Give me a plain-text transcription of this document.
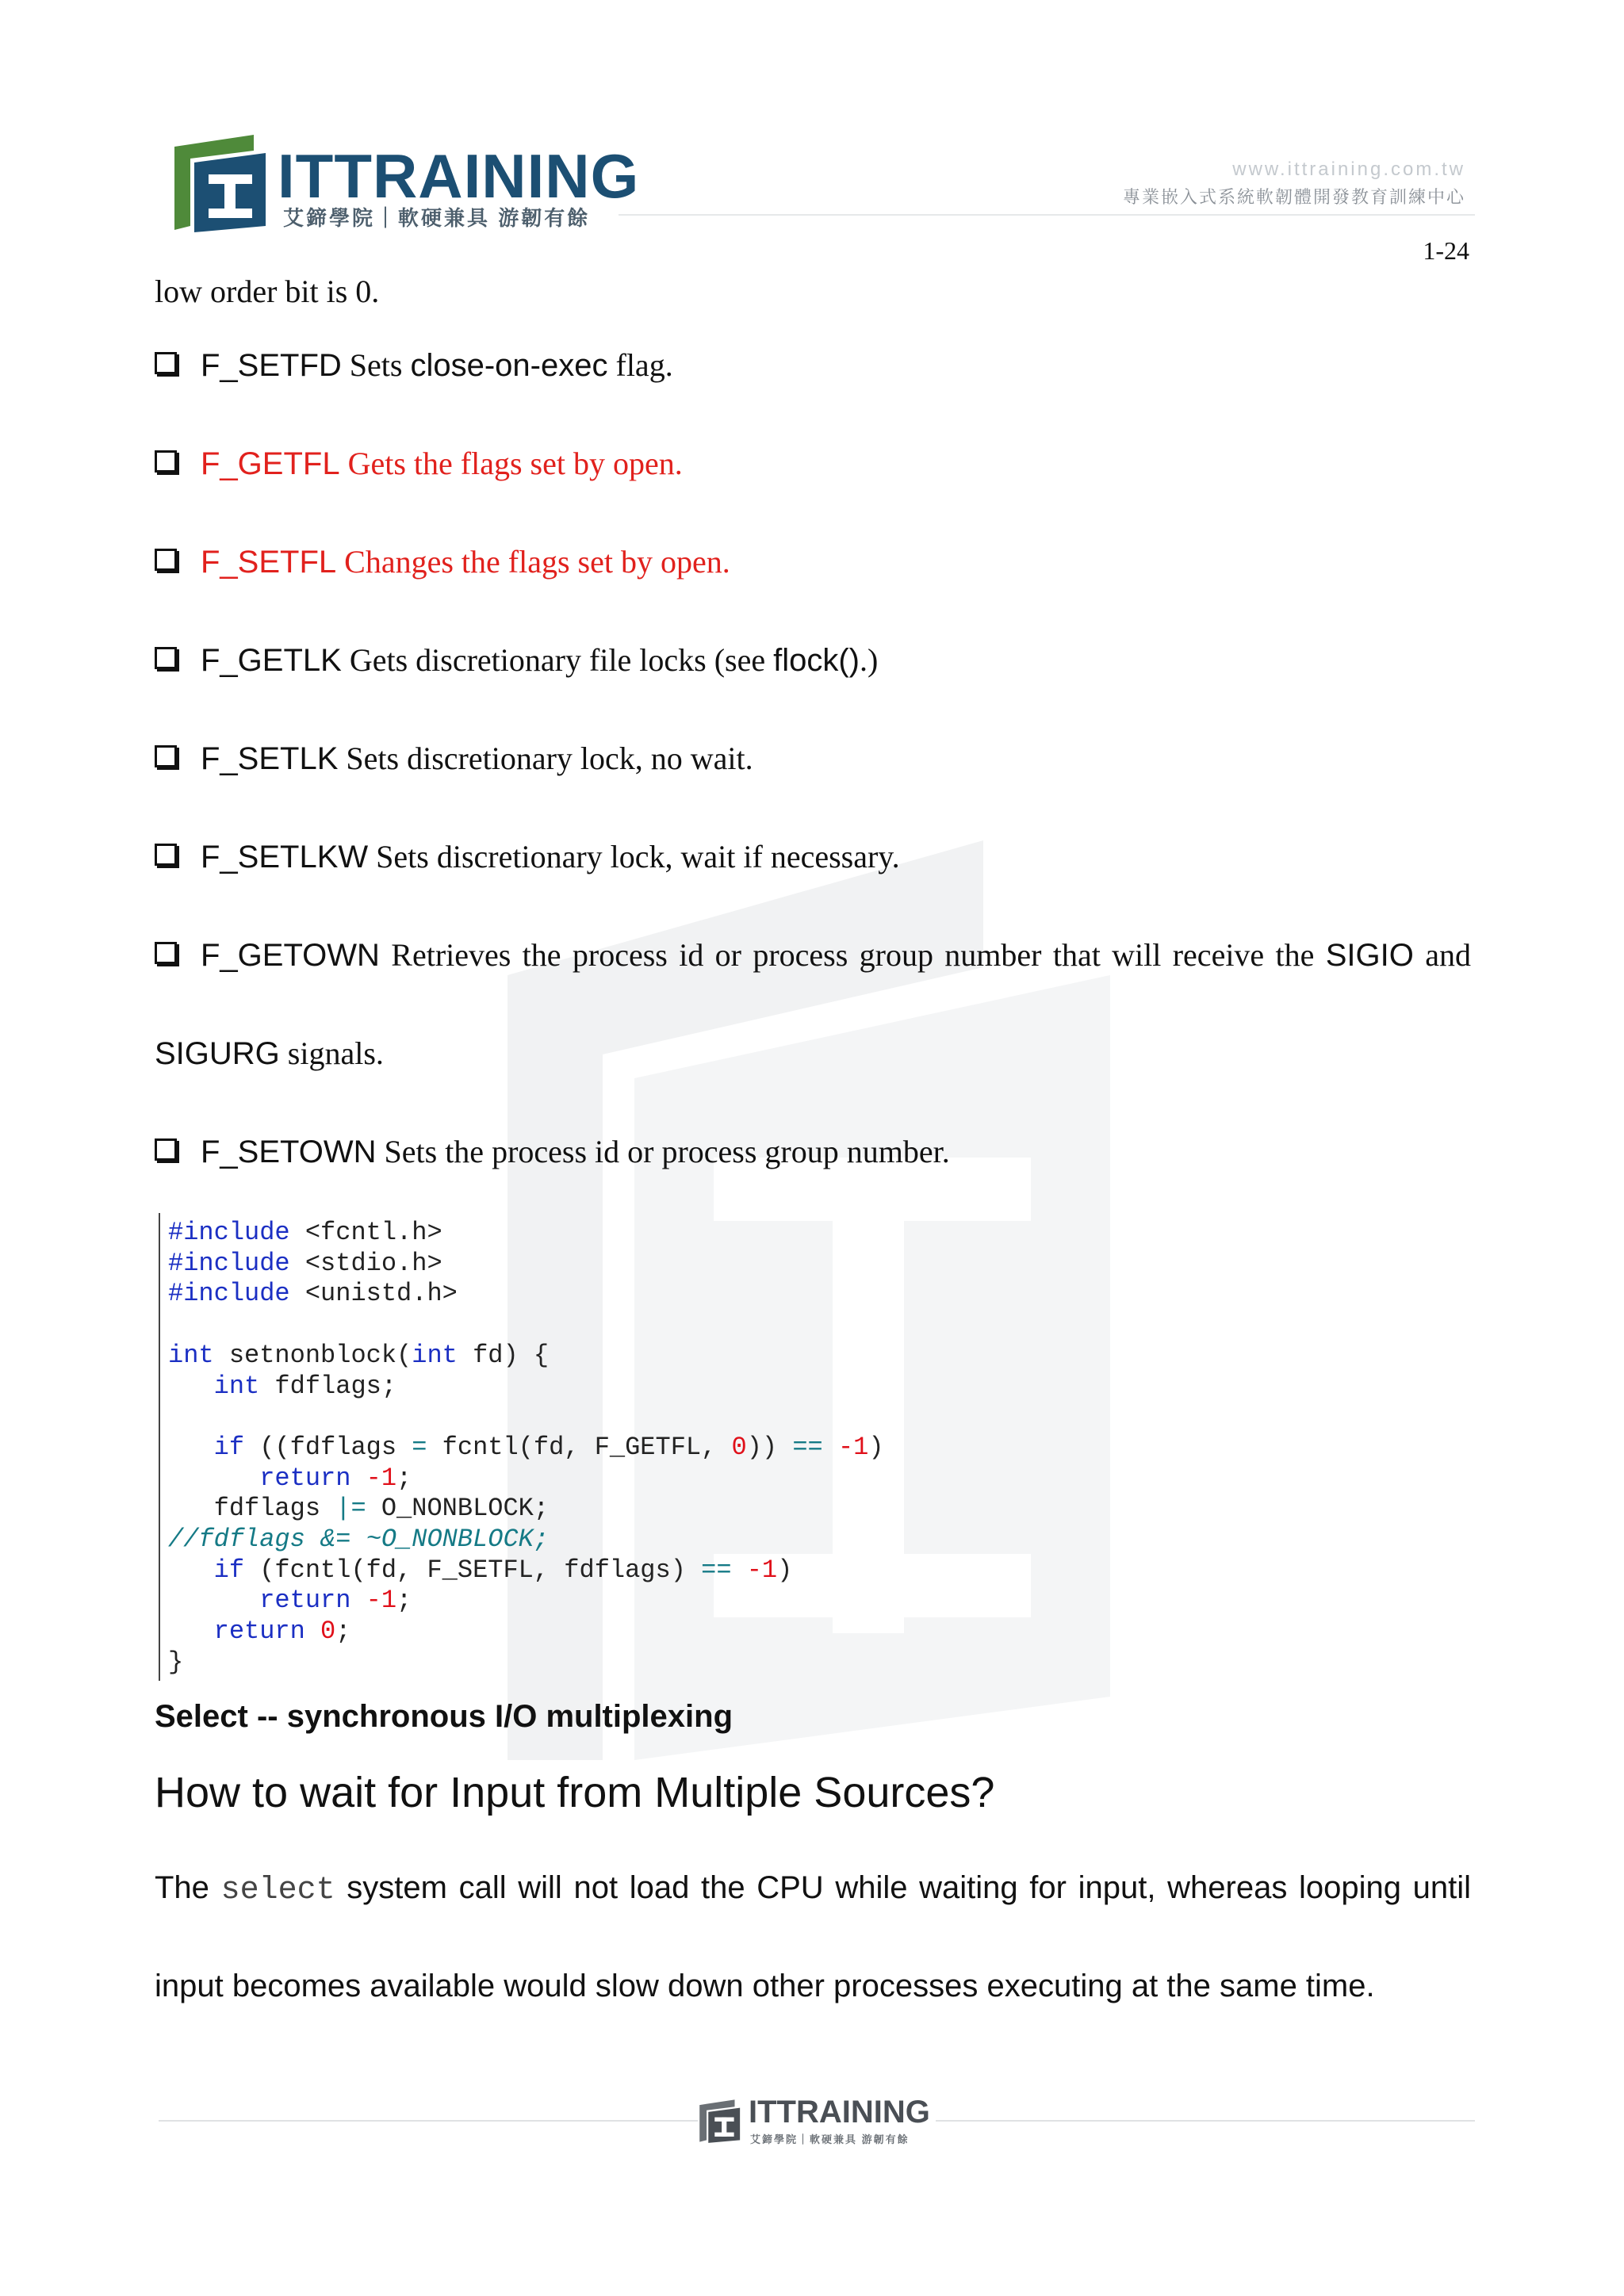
ITTRAINING
艾鍗學院｜軟硬兼具 游韌有餘
www.ittraining.com.tw
專業嵌入式系統軟韌體開發教育訓練中心
1-24
low order bit is 0.
F_SETFD Sets close-on-exec flag.
F_GETFL Gets the flags set by open.
F_SETFL Changes the flags set by open.
F_GETLK Gets discretionary file locks (see flock().)
F_SETLK Sets discretionary lock, no wait.
F_SETLKW Sets discretionary lock, wait if necessary.
F_GETOWN Retrieves the process id or process group number that will receive the SIGIO and
SIGURG signals.
F_SETOWN Sets the process id or process group number.
#include <fcntl.h>
#include <stdio.h>
#include <unistd.h>

int setnonblock(int fd) {
int fdflags;

if ((fdflags = fcntl(fd, F_GETFL, 0)) == -1)
return -1;
fdflags |= O_NONBLOCK;
//fdflags &= ~O_NONBLOCK;
if (fcntl(fd, F_SETFL, fdflags) == -1)
return -1;
return 0;
}
Select -- synchronous I/O multiplexing
How to wait for Input from Multiple Sources?
The select system call will not load the CPU while waiting for input, whereas looping until
input becomes available would slow down other processes executing at the same time.
ITTRAINING
艾鍗學院｜軟硬兼具 游韌有餘
